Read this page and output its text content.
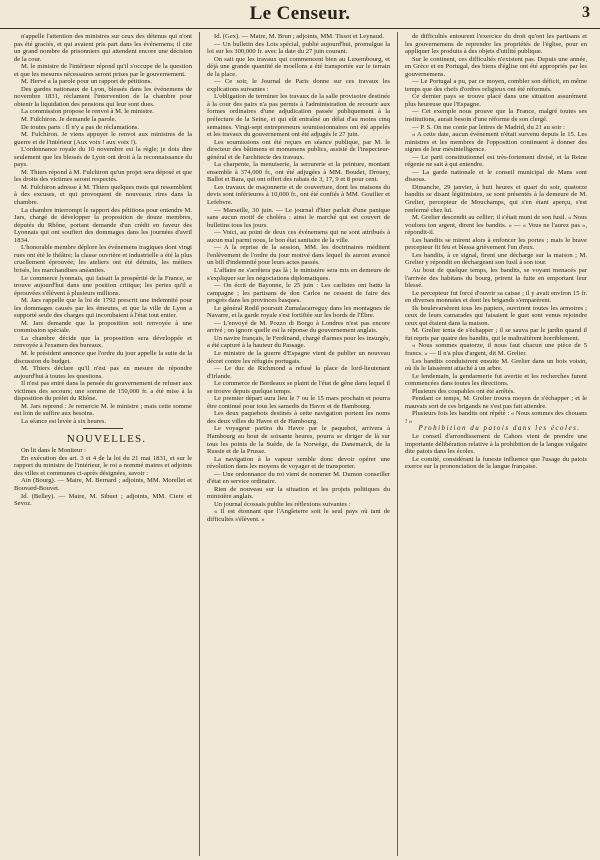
Le Censeur.	3

n'appelle l'attention des ministres sur ceux des détenus qui n'ont pas été graciés, et qui avaient pris part dans les événemens; il cite un grand nombre de prisonniers qui attendent encore une décision de la cour.

M. le ministre de l'intérieur répond qu'il s'occupe de la question et que les mesures nécessaires seront prises par le gouvernement.

M. Hervé a la parole pour un rapport de pétitions.

Des gardes nationaux de Lyon, blessés dans les événemens de novembre 1831, réclament l'intervention de la chambre pour obtenir la liquidation des pensions qui leur sont dues.

La commission propose le renvoi à M. le ministre.

M. Fulchiron. Je demande la parole.

De toutes parts : Il n'y a pas de réclamations.

M. Fulchiron. Je viens appuyer le renvoi aux ministres de la guerre et de l'intérieur (Aux voix ! aux voix !).

L'ordonnance royale du 10 novembre est la règle; je dois dire seulement que les blessés de Lyon ont droit à la reconnaissance du pays.

M. Thiers répond à M. Fulchiron qu'un projet sera déposé et que les droits des victimes seront respectés.

M. Fulchiron adresse à M. Thiers quelques mots qui ressemblent à des excuses, et qui provoquent de nouveaux rires dans la chambre.

La chambre interrompt le rapport des pétitions pour entendre M. Jars, chargé de développer la proposition de douze membres, députés du Rhône, portant demande d'un crédit en faveur des Lyonnais qui ont souffert des dommages dans les journées d'avril 1834.

L'honorable membre déplore les événemens tragiques dont vingt rues ont été le théâtre; la classe ouvrière et industrielle a été la plus cruellement éprouvée; les ateliers ont été détruits, les métiers brisés, les marchandises anéanties.

Le commerce lyonnais, qui faisait la prospérité de la France, se trouve aujourd'hui dans une position critique; les pertes qu'il a éprouvées s'élèvent à plusieurs millions.

M. Jars rappelle que la loi de 1792 prescrit une indemnité pour les dommages causés par les émeutes, et que la ville de Lyon a supporté seule des charges qui incombaient à l'état tout entier.

M. Jars demande que la proposition soit renvoyée à une commission spéciale.

La chambre décide que la proposition sera développée et renvoyée à l'examen des bureaux.

M. le président annonce que l'ordre du jour appelle la suite de la discussion du budget.

M. Thiers déclare qu'il n'est pas en mesure de répondre aujourd'hui à toutes les questions.

Il n'est pas entré dans la pensée du gouvernement de refuser aux victimes des secours; une somme de 150,000 fr. a été mise à la disposition du préfet du Rhône.

M. Jars reprend : Je remercie M. le ministre ; mais cette somme est loin de suffire aux besoins.

La séance est levée à six heures.

NOUVELLES.

On lit dans le Moniteur :

En exécution des art. 3 et 4 de la loi du 21 mai 1831, et sur le rapport du ministre de l'intérieur, le roi a nommé maires et adjoints des villes et communes ci-après désignées, savoir :

Ain (Bourg). — Maire, M. Bernard ; adjoints, MM. Morellet et Bouvard-Bouvet.

Id. (Belley). — Maire, M. Sibuet ; adjoints, MM. Ciere et Sevoz.

Id. (Gex). — Maire, M. Brun ; adjoints, MM. Tissot et Leynaud.

— Un bulletin des Lois spécial, publié aujourd'hui, promulgue la loi sur les 300,000 fr. avec la date du 27 juin courant.

On sait que les travaux qui commencent bien au Luxembourg, et déjà une grande quantité de moellons a été transportée sur le terrain de la place.

— Ce soir, le Journal de Paris donne sur ces travaux les explications suivantes :

L'obligation de terminer les travaux de la salle provisoire destinée à la cour des pairs n'a pas permis à l'administration de recourir aux formes ordinaires d'une adjudication passée publiquement à la préfecture de la Seine, et qui eût entraîné un délai d'au moins cinq semaines. Vingt-sept entrepreneurs soumissionnaires ont été appelés et les travaux du gouvernement ont été adjugés le 27 juin.

Les soumissions ont été reçues en séance publique, par M. le directeur des bâtimens et monumens publics, assisté de l'inspecteur-général et de l'architecte des travaux.

La charpente, la menuiserie, la serrurerie et la peinture, montant ensemble à 374,000 fr., ont été adjugées à MM. Boudet, Drouey, Ballot et Bara, qui ont offert des rabais de 3, 17, 9 et 8 pour cent.

Les travaux de maçonnerie et de couverture, dont les maisons du devis sont inférieures à 10,000 fr., ont été confiés à MM. Gouilier et Lefebvre.

— Marseille, 30 juin. — Le journal d'hier parlait d'une panique sans aucun motif de choléra : ainsi le marché qui est couvert de bulletins tous les jours.

— Voici, au point de deux ces événemens qui ne sont attribués à aucun mal parmi nous, le bon état sanitaire de la ville.

— A la reprise de la session, MM. les doctrinaires méditent l'enlèvement de l'ordre du jour motivé dans lequel ils auront avancé un bill d'indemnité pour leurs actes passés.

L'affaire ne s'arrêtera pas là ; le ministère sera mis en demeure de s'expliquer sur les négociations diplomatiques.

— On écrit de Bayonne, le 25 juin : Les carlistes ont battu la campagne ; les partisans de don Carlos ne cessent de faire des progrès dans les provinces basques.

Le général Rodil poursuit Zumalacarreguy dans les montagnes de Navarre, et la garde royale s'est fortifiée sur les bords de l'Èbre.

— L'envoyé de M. Pozzo di Borgo à Londres n'est pas encore arrivé ; on ignore quelle est la réponse du gouvernement anglais.

Un navire français, le Ferdinand, chargé d'armes pour les insurgés, a été capturé à la hauteur du Passage.

Le ministre de la guerre d'Espagne vient de publier un nouveau décret contre les réfugiés portugais.

— Le duc de Richmond a refusé la place de lord-lieutenant d'Irlande.

Le commerce de Bordeaux se plaint de l'état de gêne dans lequel il se trouve depuis quelque temps.

Le premier départ aura lieu le 7 ou le 15 mars prochain et pourra être continué pour tous les samedis du Havre et de Hambourg.

Les deux paquebots destinés à cette navigation portent les noms des deux villes du Havre et de Hambourg.

Le voyageur partira du Havre par le paquebot, arrivera à Hambourg au bout de soixante heures, pourra se diriger de là sur tous les points de la Suède, de la Norwège, du Danemarck, de la Russie et de la Prusse.

La navigation à la vapeur semble donc devoir opérer une révolution dans les moyens de voyager et de transporter.

— Une ordonnance du roi vient de nommer M. Dumon conseiller d'état en service ordinaire.

Rien de nouveau sur la situation et les projets politiques du ministère anglais.

Un journal écossais publie les réflexions suivantes :

« Il est étonnant que l'Angleterre soit le seul pays où tant de difficultés s'élèvent. »

de difficultés entourent l'exercice du droit qu'ont les partisans et les gouvernemens de reprendre les propriétés de l'église, pour en appliquer les produits à des objets d'utilité publique.

Sur le continent, ces difficultés n'existent pas. Depuis une année, en Grèce et en Portugal, des biens d'église ont été appropriés par les gouvernemens.

— Le Portugal a pu, par ce moyen, combler son déficit, en même temps que des chefs d'ordres religieux ont été réformés.

Ce dernier pays se trouve placé dans une situation assurément plus heureuse que l'Espagne.

— Cet exemple nous prouve que la France, malgré toutes ses institutions, aurait besoin d'une réforme de son clergé.

— P. S. On me conte par lettres de Madrid, du 21 au soir :

« A cette date, aucun événement n'était survenu depuis le 15. Les ministres et les membres de l'opposition continuent à donner des signes de leur mésintelligence.

— Le parti constitutionnel est très-fortement divisé, et la Reine régente ne sait à qui entendre.

— La garde nationale et le conseil municipal de Mans sont dissous.

Dimanche, 29 janvier, à huit heures et quart du soir, quatorze bandits se disant légitimistes, se sont présentés à la demeure de M. Grelier, percepteur de Mouchamps, qui s'en étant aperçu, s'est renfermé chez lui.

M. Grelier descendit au cellier; il s'était muni de son fusil. « Nous voulons ton argent, dirent les bandits. » — « Vous ne l'aurez pas », répondit-il.

Les bandits se mirent alors à enfoncer les portes ; mais le brave percepteur fit feu et blessa grièvement l'un d'eux.

Les bandits, à ce signal, firent une décharge sur la maison ; M. Grelier y répondit en déchargeant son fusil à son tour.

Au bout de quelque temps, les bandits, se voyant menacés par l'arrivée des habitans du bourg, prirent la fuite en emportant leur blessé.

Le percepteur fut forcé d'ouvrir sa caisse ; il y avait environ 15 fr. en diverses monnaies et dont les brigands s'emparèrent.

Ils boulevarsèrent tous les papiers, ouvrirent toutes les armoires ; ceux de leurs camarades qui faisaient le guet sont venus rejoindre ceux qui étaient dans la maison.

M. Grelier tenta de s'échapper ; il se sauva par le jardin quand il fut repris par quatre des bandits, qui le maltraitèrent horriblement.

« Nous sommes quatorze, il nous faut chacun une pièce de 5 francs. » — Il n'a plus d'argent, dit M. Grelier.

Les bandits conduisirent ensuite M. Grelier dans un bois voisin, où ils le laissèrent attaché à un arbre.

Le lendemain, la gendarmerie fut avertie et les recherches furent commencées dans toutes les directions.

Plusieurs des coupables ont été arrêtés.

Pendant ce temps, M. Grelier trouva moyen de s'échapper ; et le mauvais sort de ces brigands ne s'est pas fait attendre.

Plusieurs fois les bandits ont répété : « Nous sommes des chouans ! »

Prohibition du patois dans les écoles.

Le conseil d'arrondissement de Cahors vient de prendre une importante délibération relative à la prohibition de la langue vulgaire dite patois dans les écoles.

Le comité, considérant la funeste influence que l'usage du patois exerce sur la prononciation de la langue française.
